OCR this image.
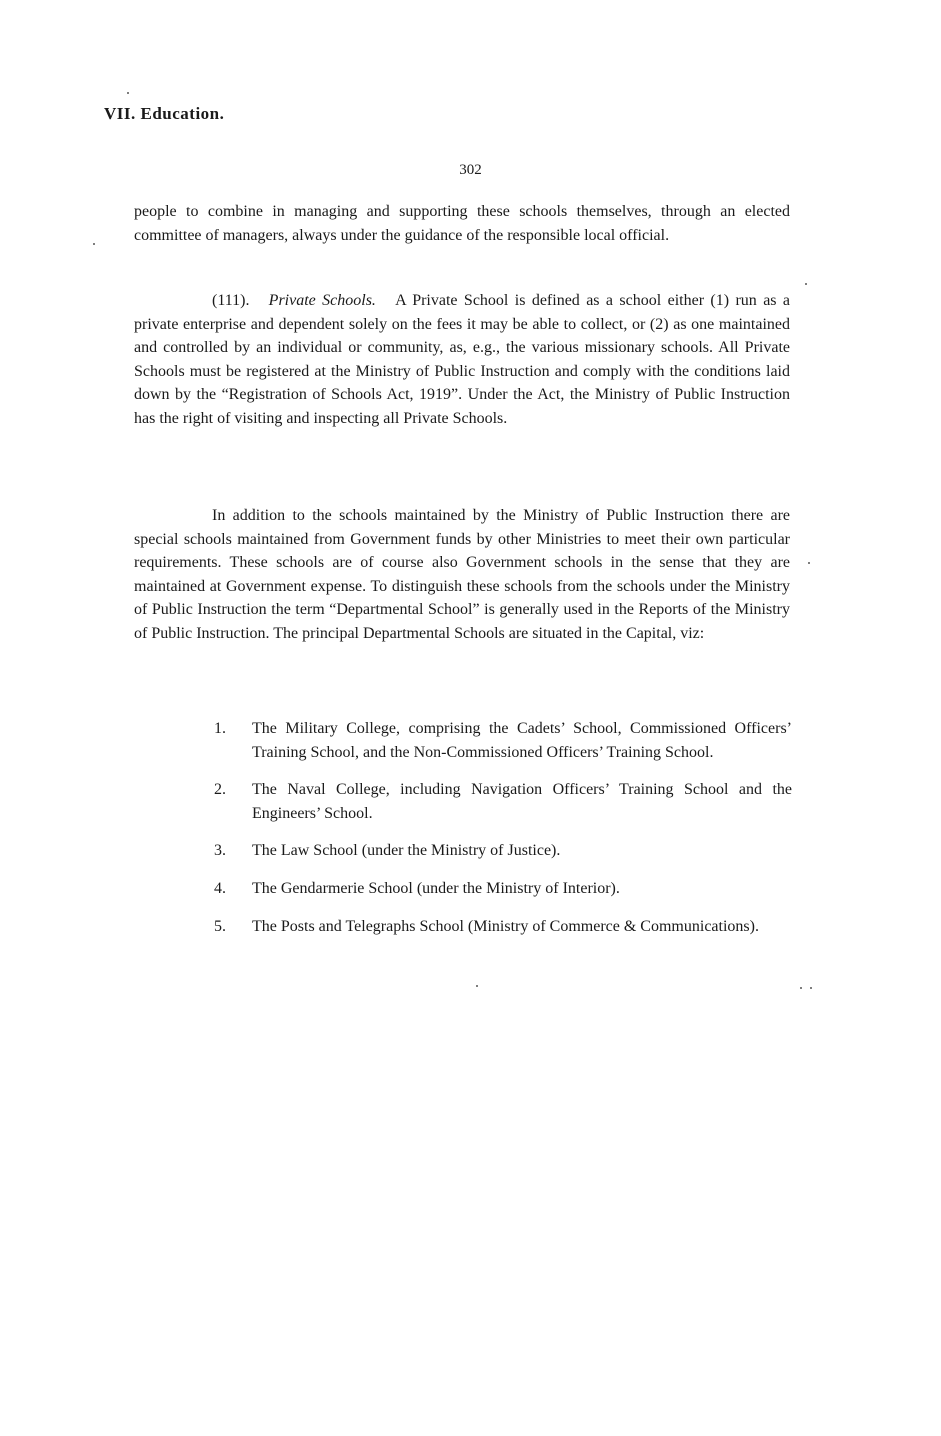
VII. Education.
302

people to combine in managing and supporting these schools themselves, through an elected committee of managers, always under the guidance of the responsible local official.

(111). Private Schools. A Private School is defined as a school either (1) run as a private enterprise and dependent solely on the fees it may be able to collect, or (2) as one maintained and controlled by an individual or community, as, e.g., the various missionary schools. All Private Schools must be registered at the Ministry of Public Instruction and comply with the conditions laid down by the “Registration of Schools Act, 1919”. Under the Act, the Ministry of Public Instruction has the right of visiting and inspecting all Private Schools.

In addition to the schools maintained by the Ministry of Public Instruction there are special schools maintained from Government funds by other Ministries to meet their own particular requirements. These schools are of course also Government schools in the sense that they are maintained at Government expense. To distinguish these schools from the schools under the Ministry of Public Instruction the term “Departmental School” is generally used in the Reports of the Ministry of Public Instruction. The principal Departmental Schools are situated in the Capital, viz:

1.	The Military College, comprising the Cadets’ School, Commissioned Officers’ Training School, and the Non-Commissioned Officers’ Training School.
2.	The Naval College, including Navigation Officers’ Training School and the Engineers’ School.
3.	The Law School (under the Ministry of Justice).
4.	The Gendarmerie School (under the Ministry of Interior).
5.	The Posts and Telegraphs School (Ministry of Commerce & Communications).
